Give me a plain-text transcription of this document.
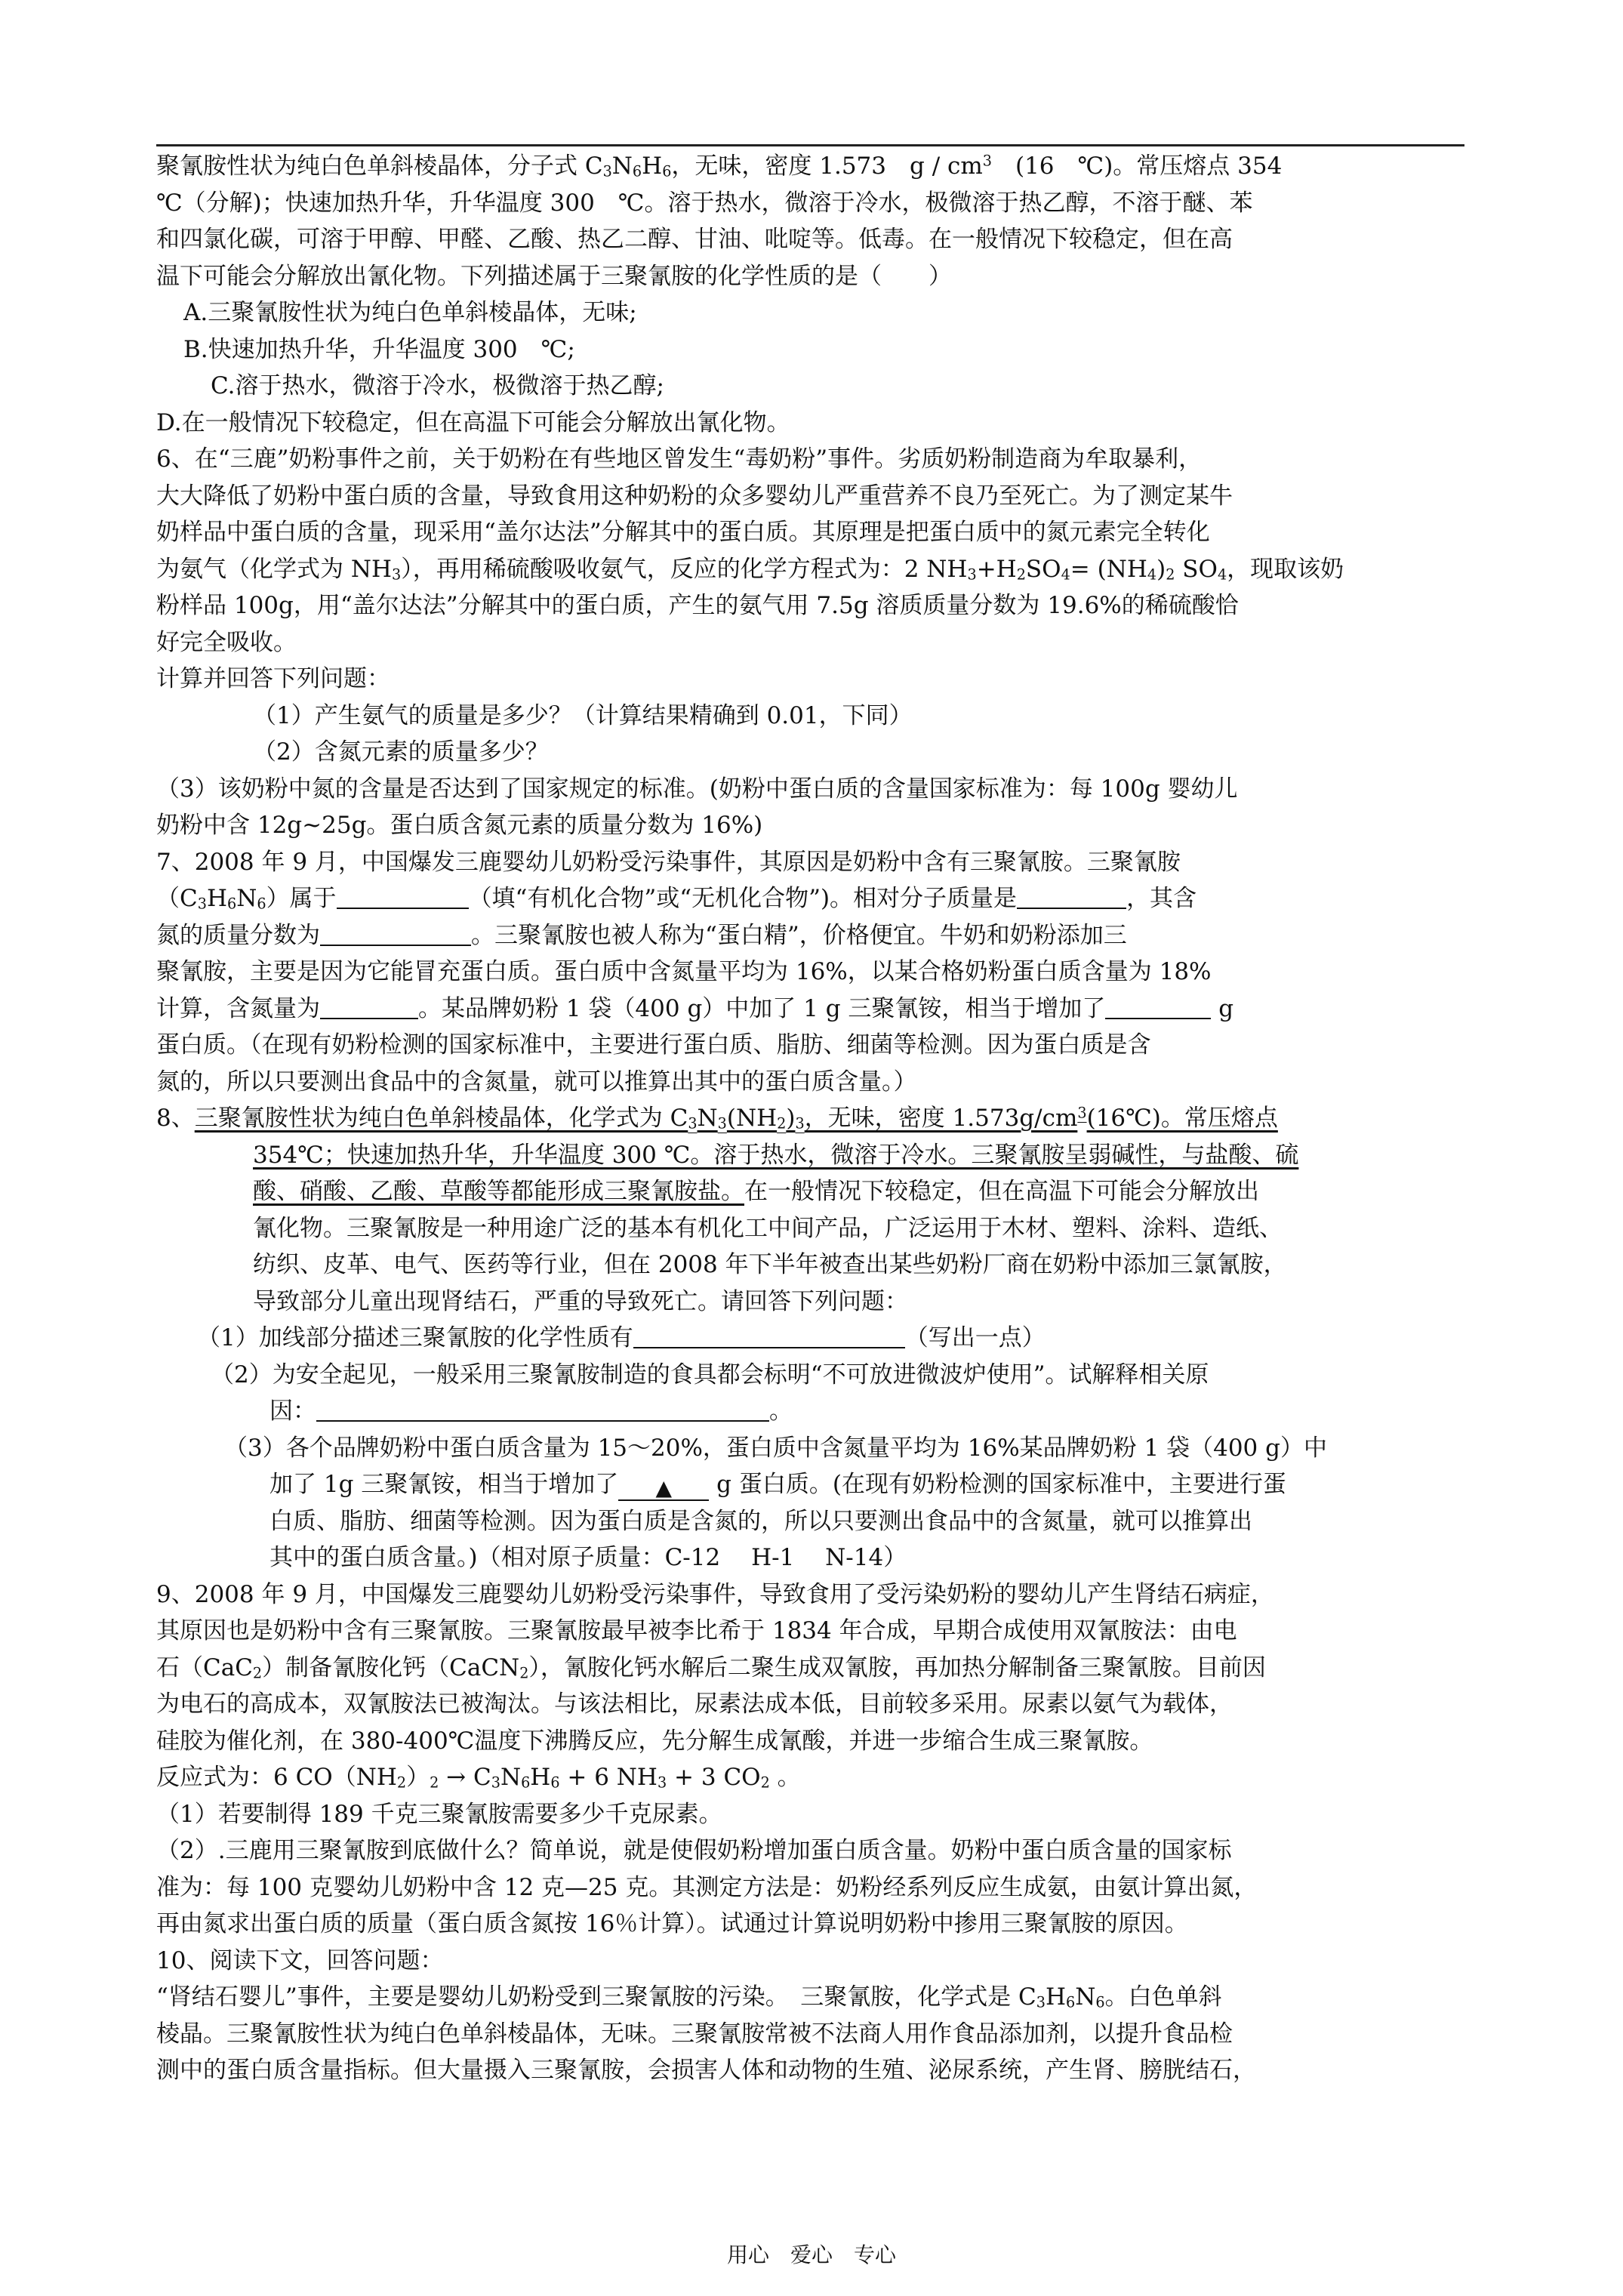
聚氰胺性状为纯白色单斜棱晶体，分子式 C3N6H6，无味，密度 1.573　g / $cm^3$　(16　℃)。常压熔点 354
℃（分解)；快速加热升华，升华温度 300　℃。溶于热水，微溶于冷水，极微溶于热乙醇，不溶于醚、苯
和四氯化碳，可溶于甲醇、甲醛、乙酸、热乙二醇、甘油、吡啶等。低毒。在一般情况下较稳定，但在高
温下可能会分解放出氰化物。下列描述属于三聚氰胺的化学性质的是（　　）
A.三聚氰胺性状为纯白色单斜棱晶体，无味;
B.快速加热升华，升华温度 300　℃;
C.溶于热水，微溶于冷水，极微溶于热乙醇;
D.在一般情况下较稳定，但在高温下可能会分解放出氰化物。
6、在“三鹿”奶粉事件之前，关于奶粉在有些地区曾发生“毒奶粉”事件。劣质奶粉制造商为牟取暴利，
大大降低了奶粉中蛋白质的含量，导致食用这种奶粉的众多婴幼儿严重营养不良乃至死亡。为了测定某牛
奶样品中蛋白质的含量，现采用“盖尔达法”分解其中的蛋白质。其原理是把蛋白质中的氮元素完全转化
为氨气（化学式为 NH3），再用稀硫酸吸收氨气，反应的化学方程式为：2 NH3+H2SO4= (NH4)2 SO4，现取该奶
粉样品 100g，用“盖尔达法”分解其中的蛋白质，产生的氨气用 7.5g 溶质质量分数为 19.6%的稀硫酸恰
好完全吸收。
计算并回答下列问题：
（1）产生氨气的质量是多少？（计算结果精确到 0.01，下同）
（2）含氮元素的质量多少？
（3）该奶粉中氮的含量是否达到了国家规定的标准。(奶粉中蛋白质的含量国家标准为：每 100g 婴幼儿
奶粉中含 12g~25g。蛋白质含氮元素的质量分数为 16%)
7、2008 年 9 月，中国爆发三鹿婴幼儿奶粉受污染事件，其原因是奶粉中含有三聚氰胺。三聚氰胺
（C3H6N6）属于	（填“有机化合物”或“无机化合物”)。相对分子质量是	，其含
氮的质量分数为	。三聚氰胺也被人称为“蛋白精”，价格便宜。牛奶和奶粉添加三
聚氰胺，主要是因为它能冒充蛋白质。蛋白质中含氮量平均为 16%，以某合格奶粉蛋白质含量为 18%
计算，含氮量为	。某品牌奶粉 1 袋（400 g）中加了 1 g 三聚氰铵，相当于增加了	g
蛋白质。（在现有奶粉检测的国家标准中，主要进行蛋白质、脂肪、细菌等检测。因为蛋白质是含
氮的，所以只要测出食品中的含氮量，就可以推算出其中的蛋白质含量。）
8、三聚氰胺性状为纯白色单斜棱晶体，化学式为 C3N3(NH2)3，无味，密度 $1.573g/cm^3(16℃)$。常压熔点
354℃；快速加热升华，升华温度 300 ℃。溶于热水，微溶于冷水。三聚氰胺呈弱碱性，与盐酸、硫
酸、硝酸、乙酸、草酸等都能形成三聚氰胺盐。在一般情况下较稳定，但在高温下可能会分解放出
氰化物。三聚氰胺是一种用途广泛的基本有机化工中间产品，广泛运用于木材、塑料、涂料、造纸、
纺织、皮革、电气、医药等行业，但在 2008 年下半年被查出某些奶粉厂商在奶粉中添加三氯氰胺，
导致部分儿童出现肾结石，严重的导致死亡。请回答下列问题：
（1）加线部分描述三聚氰胺的化学性质有	（写出一点）
（2）为安全起见，一般采用三聚氰胺制造的食具都会标明“不可放进微波炉使用”。试解释相关原
因：	。
（3）各个品牌奶粉中蛋白质含量为 15～20%，蛋白质中含氮量平均为 16%某品牌奶粉 1 袋（400 g）中
加了 1g 三聚氰铵，相当于增加了 ▲ g 蛋白质。(在现有奶粉检测的国家标准中，主要进行蛋
白质、脂肪、细菌等检测。因为蛋白质是含氮的，所以只要测出食品中的含氮量，就可以推算出
其中的蛋白质含量。)（相对原子质量：C-12　 H-1　 N-14）
9、2008 年 9 月，中国爆发三鹿婴幼儿奶粉受污染事件，导致食用了受污染奶粉的婴幼儿产生肾结石病症，
其原因也是奶粉中含有三聚氰胺。三聚氰胺最早被李比希于 1834 年合成，早期合成使用双氰胺法：由电
石（CaC2）制备氰胺化钙（CaCN2），氰胺化钙水解后二聚生成双氰胺，再加热分解制备三聚氰胺。目前因
为电石的高成本，双氰胺法已被淘汰。与该法相比，尿素法成本低，目前较多采用。尿素以氨气为载体，
硅胶为催化剂，在 380-400℃温度下沸腾反应，先分解生成氰酸，并进一步缩合生成三聚氰胺。
反应式为：6 CO（NH2）2 → C3N6H6 + 6 NH3 + 3 CO2 。
（1）若要制得 189 千克三聚氰胺需要多少千克尿素。
（2）.三鹿用三聚氰胺到底做什么？简单说，就是使假奶粉增加蛋白质含量。奶粉中蛋白质含量的国家标
准为：每 100 克婴幼儿奶粉中含 12 克—25 克。其测定方法是：奶粉经系列反应生成氨，由氨计算出氮，
再由氮求出蛋白质的质量（蛋白质含氮按 16％计算）。试通过计算说明奶粉中掺用三聚氰胺的原因。
10、阅读下文，回答问题：
“肾结石婴儿”事件，主要是婴幼儿奶粉受到三聚氰胺的污染。　三聚氰胺，化学式是 C3H6N6。白色单斜
棱晶。三聚氰胺性状为纯白色单斜棱晶体，无味。三聚氰胺常被不法商人用作食品添加剂，以提升食品检
测中的蛋白质含量指标。但大量摄入三聚氰胺，会损害人体和动物的生殖、泌尿系统，产生肾、膀胱结石，
用心　爱心　专心
